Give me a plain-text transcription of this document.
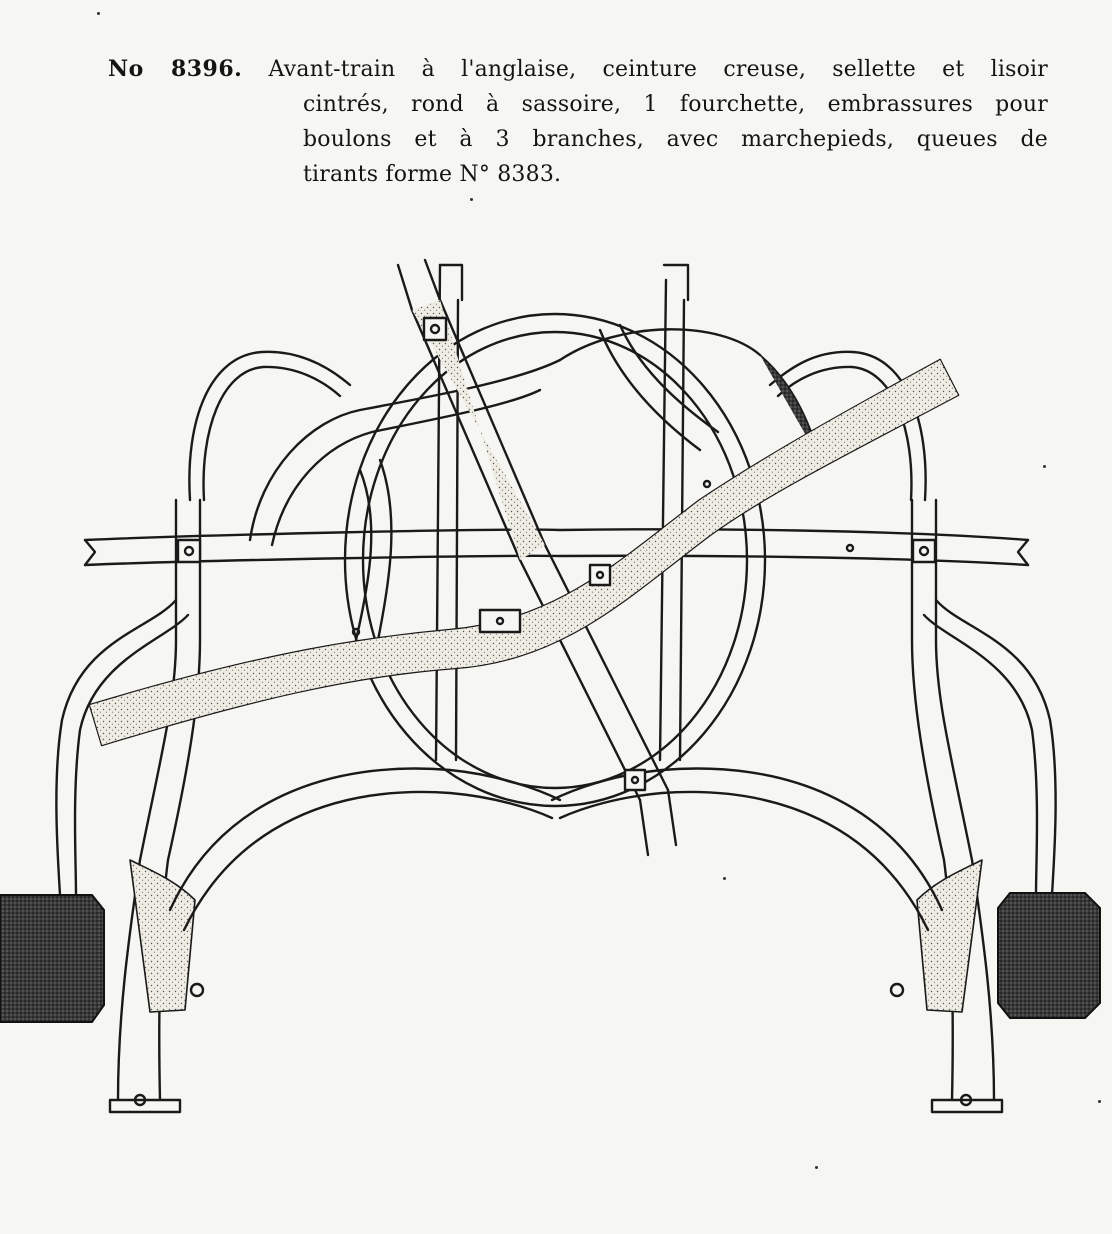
No 8396. Avant-train à l'anglaise, ceinture creuse, sellette et lisoir
cintrés, rond à sassoire, 1 fourchette, embrassures pour
boulons et à 3 branches, avec marchepieds, queues de
tirants forme N° 8383.
